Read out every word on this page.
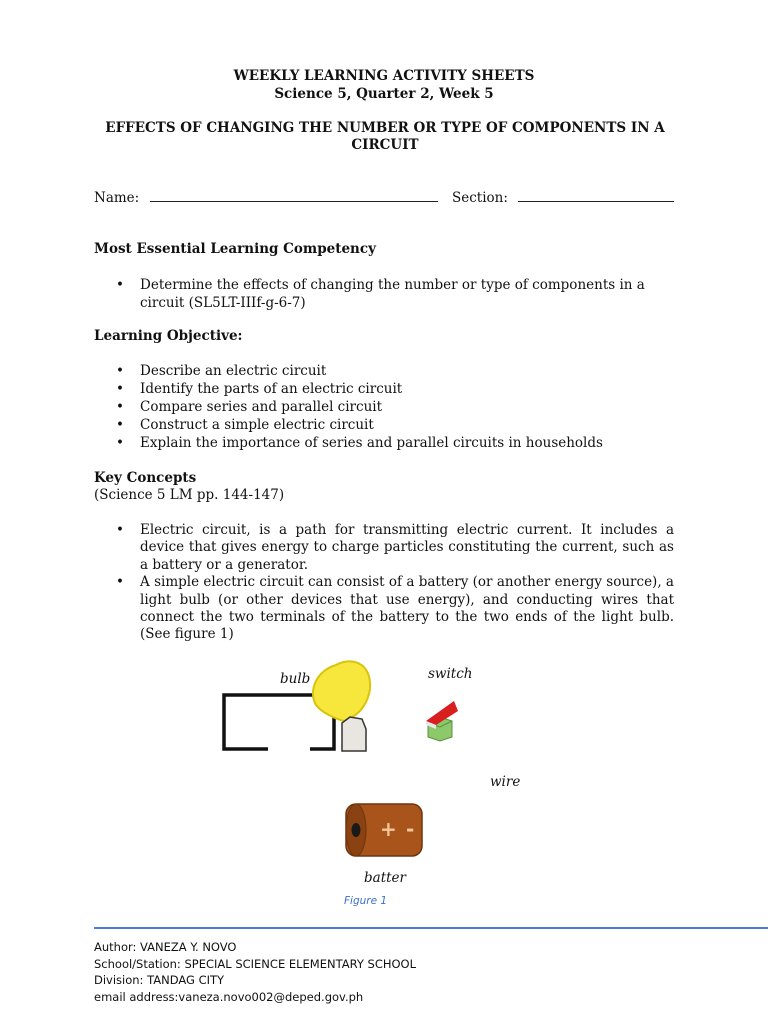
WEEKLY LEARNING ACTIVITY SHEETS
Science 5, Quarter 2, Week 5
EFFECTS OF CHANGING THE NUMBER OR TYPE OF COMPONENTS IN A CIRCUIT
Name:	Section:
Most Essential Learning Competency
• Determine the effects of changing the number or type of components in a circuit (SL5LT-IIIf-g-6-7)
Learning Objective:
• Describe an electric circuit
• Identify the parts of an electric circuit
• Compare series and parallel circuit
• Construct a simple electric circuit
• Explain the importance of series and parallel circuits in households
Key Concepts
(Science 5 LM pp. 144-147)
• Electric circuit, is a path for transmitting electric current. It includes a device that gives energy to charge particles constituting the current, such as a battery or a generator.
• A simple electric circuit can consist of a battery (or another energy source), a light bulb (or other devices that use energy), and conducting wires that connect the two terminals of the battery to the two ends of the light bulb. (See figure 1)
bulb	switch
wire
batter
Figure 1
+ -
Author: VANEZA Y. NOVO
School/Station: SPECIAL SCIENCE ELEMENTARY SCHOOL
Division: TANDAG CITY
email address:vaneza.novo002@deped.gov.ph
